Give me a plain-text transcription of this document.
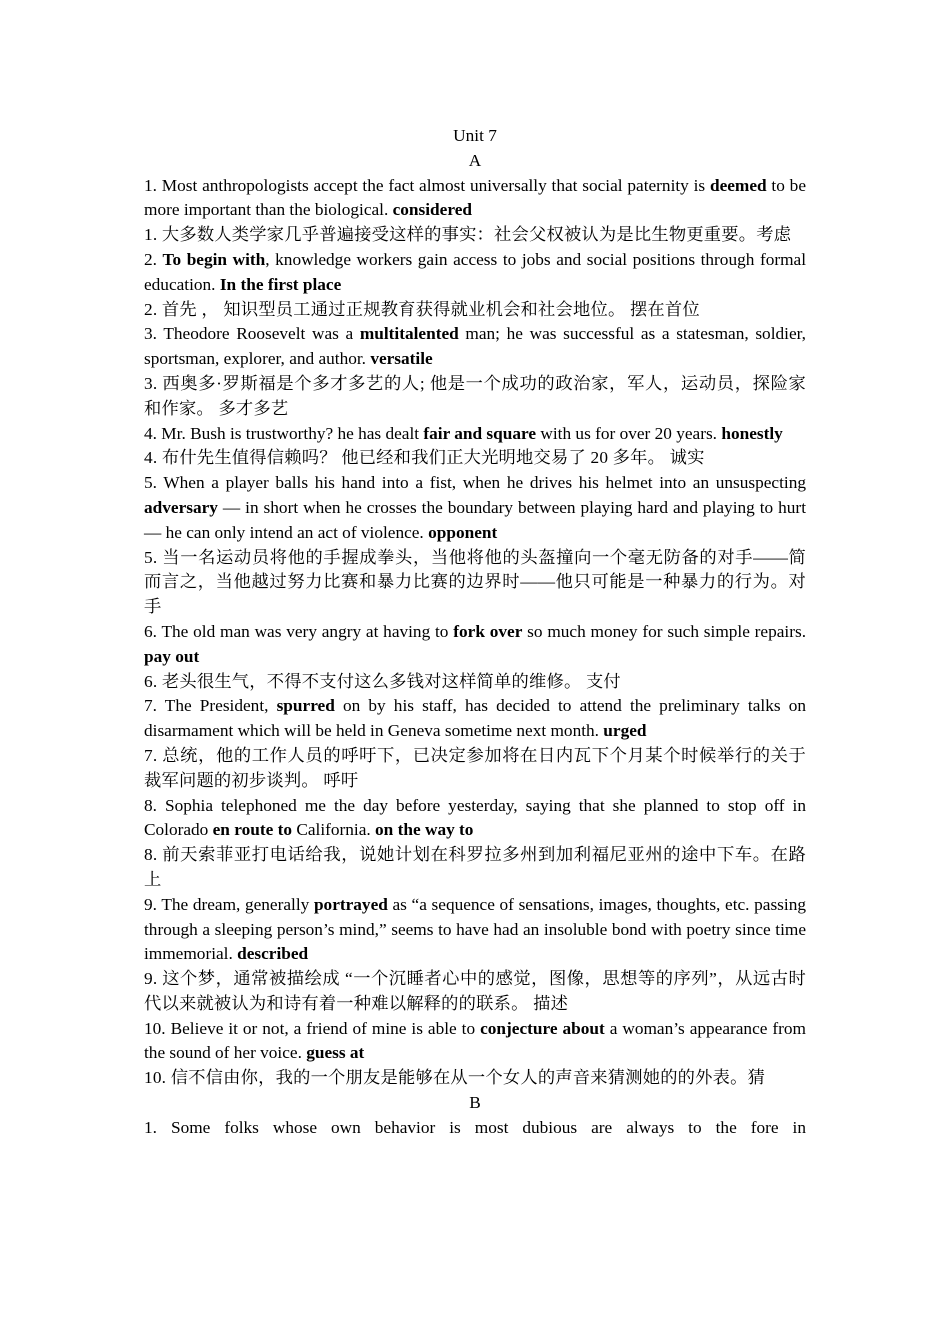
Unit 7
A

1. Most anthropologists accept the fact almost universally that social paternity is deemed to be more important than the biological. considered

1. 大多数人类学家几乎普遍接受这样的事实：社会父权被认为是比生物更重要。考虑

2. To begin with, knowledge workers gain access to jobs and social positions through formal education. In the first place

2. 首先 ， 知识型员工通过正规教育获得就业机会和社会地位。 摆在首位

3. Theodore Roosevelt was a multitalented man; he was successful as a statesman, soldier, sportsman, explorer, and author. versatile

3. 西奥多·罗斯福是个多才多艺的人; 他是一个成功的政治家，军人，运动员，探险家和作家。 多才多艺

4. Mr. Bush is trustworthy? he has dealt fair and square with us for over 20 years. honestly

4. 布什先生值得信赖吗？ 他已经和我们正大光明地交易了 20 多年。 诚实

5. When a player balls his hand into a fist, when he drives his helmet into an unsuspecting adversary — in short when he crosses the boundary between playing hard and playing to hurt — he can only intend an act of violence. opponent

5. 当一名运动员将他的手握成拳头，当他将他的头盔撞向一个毫无防备的对手——简而言之，当他越过努力比赛和暴力比赛的边界时——他只可能是一种暴力的行为。对手

6. The old man was very angry at having to fork over so much money for such simple repairs. pay out

6. 老头很生气，不得不支付这么多钱对这样简单的维修。 支付

7. The President, spurred on by his staff, has decided to attend the preliminary talks on disarmament which will be held in Geneva sometime next month. urged

7. 总统，他的工作人员的呼吁下，已决定参加将在日内瓦下个月某个时候举行的关于裁军问题的初步谈判。 呼吁

8. Sophia telephoned me the day before yesterday, saying that she planned to stop off in Colorado en route to California. on the way to

8. 前天索菲亚打电话给我，说她计划在科罗拉多州到加利福尼亚州的途中下车。在路上

9. The dream, generally portrayed as “a sequence of sensations, images, thoughts, etc. passing through a sleeping person’s mind,” seems to have had an insoluble bond with poetry since time immemorial. described

9. 这个梦，通常被描绘成 “一个沉睡者心中的感觉，图像，思想等的序列”，从远古时代以来就被认为和诗有着一种难以解释的的联系。 描述

10. Believe it or not, a friend of mine is able to conjecture about a woman’s appearance from the sound of her voice. guess at

10. 信不信由你，我的一个朋友是能够在从一个女人的声音来猜测她的的外表。猜

B

1. Some folks whose own behavior is most dubious are always to the fore in
